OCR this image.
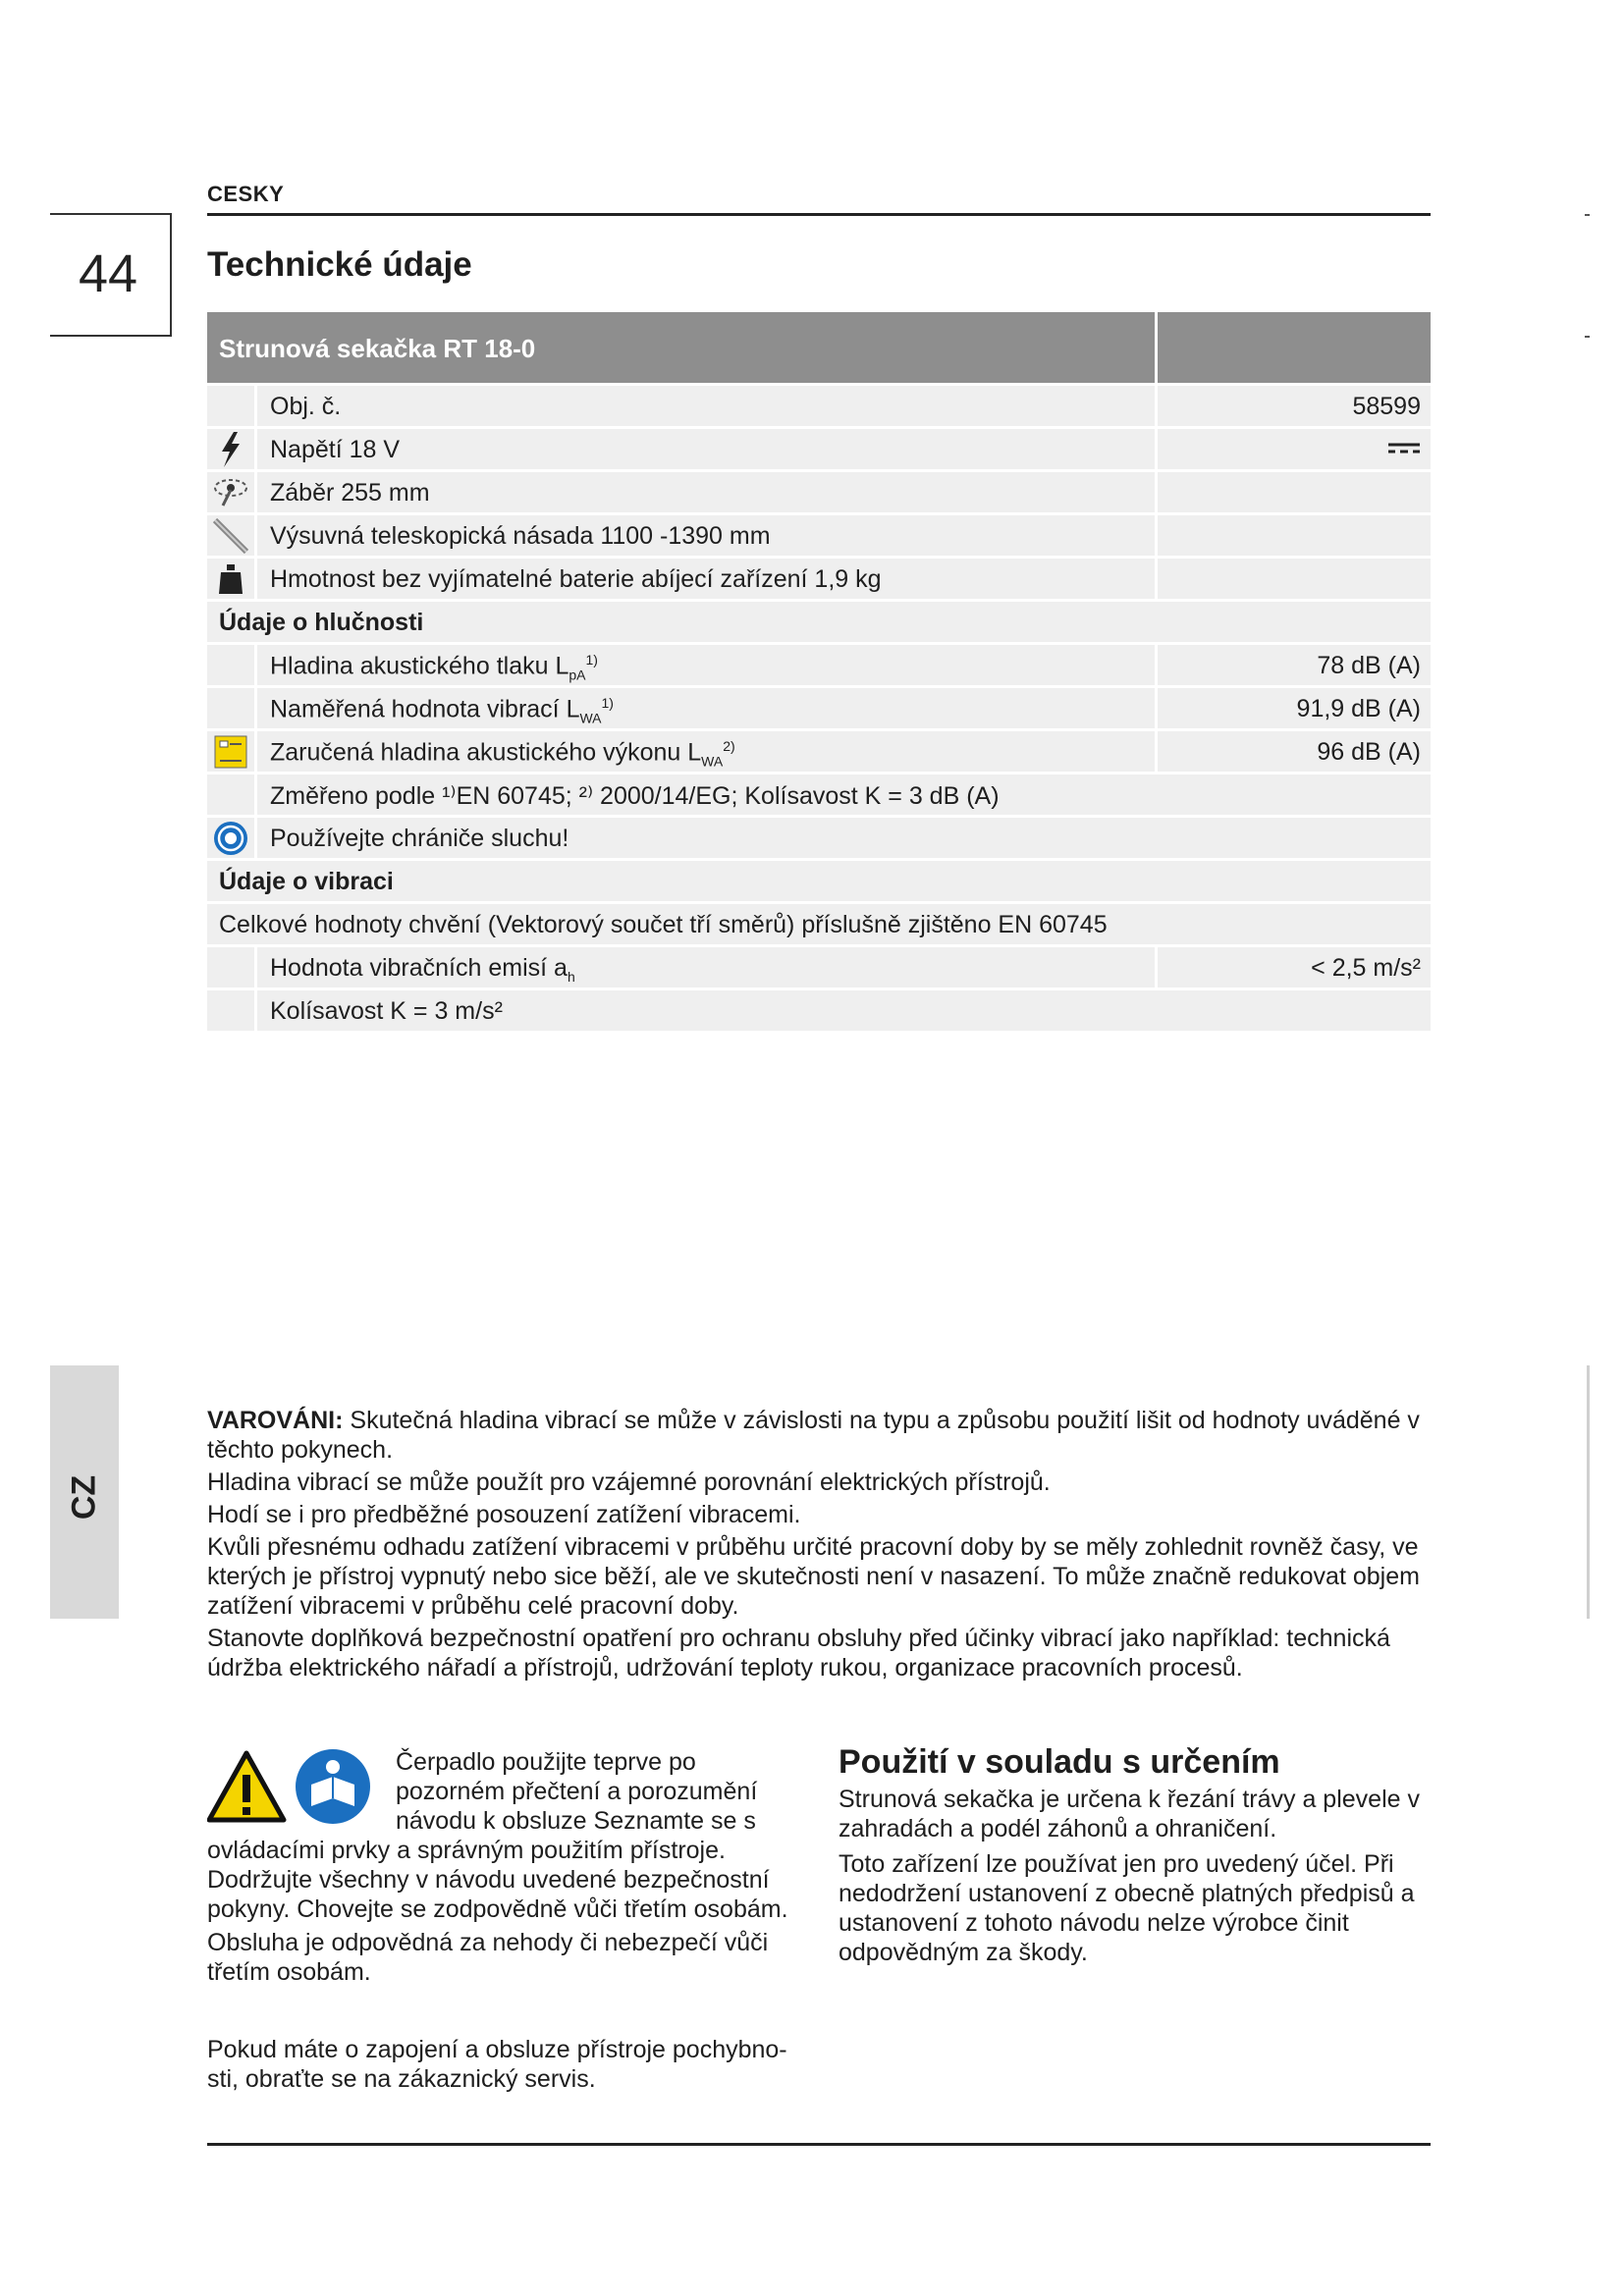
CESKY
44	Technické údaje
CZ
Strunová sekačka RT 18-0
Obj. č.	58599
Napětí 18 V
Záběr 255 mm
Výsuvná teleskopická násada 1100 -1390 mm
Hmotnost bez vyjímatelné baterie abíjecí zařízení 1,9 kg
Údaje o hlučnosti
Hladina akustického tlaku $L_{pA}^{1)}$	78 dB (A)
Naměřená hodnota vibrací $L_{WA}^{1)}$	91,9 dB (A)
Zaručená hladina akustického výkonu $L_{WA}^{2)}$	96 dB (A)
Změřeno podle ¹⁾EN 60745; ²⁾ 2000/14/EG; Kolísavost K = 3 dB (A)
Používejte chrániče sluchu!
Údaje o vibraci
Celkové hodnoty chvění (Vektorový součet tří směrů) příslušně zjištěno EN 60745
Hodnota vibračních emisí $a_h$	< 2,5 m/s²
Kolísavost K = 3 m/s²

VAROVÁNI: Skutečná hladina vibrací se může v závislosti na typu a způsobu použití lišit od hodnoty uváděné v těchto pokynech.

Hladina vibrací se může použít pro vzájemné porovnání elektrických přístrojů.

Hodí se i pro předběžné posouzení zatížení vibracemi.

Kvůli přesnému odhadu zatížení vibracemi v průběhu určité pracovní doby by se měly zohlednit rovněž časy, ve kterých je přístroj vypnutý nebo sice běží, ale ve skutečnosti není v nasazení. To může značně redukovat objem zatížení vibracemi v průběhu celé pracovní doby.

Stanovte doplňková bezpečnostní opatření pro ochranu obsluhy před účinky vibrací jako například: technická údržba elektrického nářadí a přístrojů, udržování teploty rukou, organizace pracovních procesů.

Čerpadlo použijte teprve po pozorném přečtení a porozumění návodu k obsluze Seznamte se s ovládacími prvky a správným použitím přístroje. Dodržujte všechny v návodu uvedené bezpečnostní pokyny. Chovejte se zodpovědně vůči třetím osobám.

Obsluha je odpovědná za nehody či nebezpečí vůči třetím osobám.

Pokud máte o zapojení a obsluze přístroje pochybno-sti, obraťte se na zákaznický servis.
Použití v souladu s určením

Strunová sekačka je určena k řezání trávy a plevele v zahradách a podél záhonů a ohraničení.

Toto zařízení lze používat jen pro uvedený účel. Při nedodržení ustanovení z obecně platných předpisů a ustanovení z tohoto návodu nelze výrobce činit odpovědným za škody.
